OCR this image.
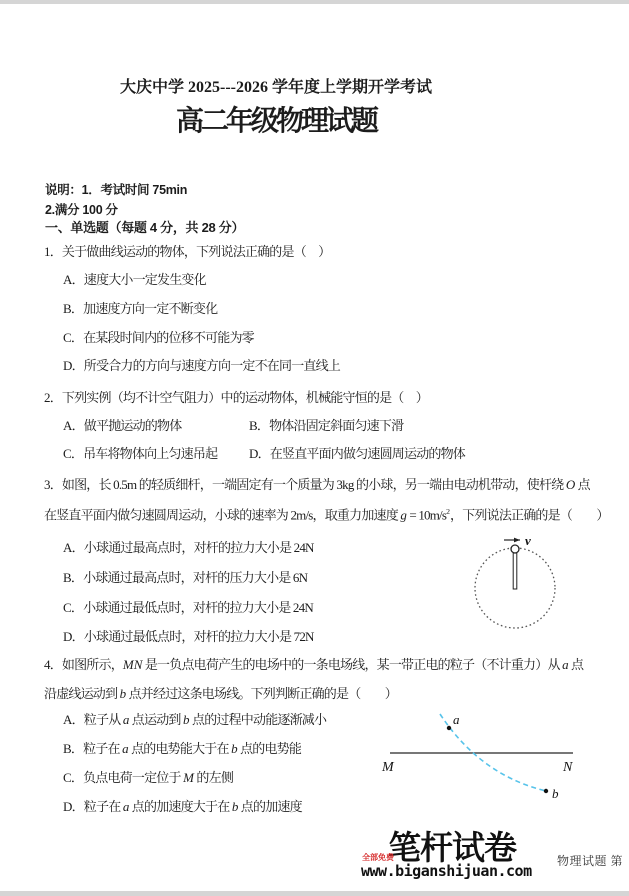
大庆中学 2025---2026 学年度上学期开学考试
高二年级物理试题
说明：1．考试时间 75min
2.满分 100 分
一、单选题（每题 4 分，共 28 分）
1．关于做曲线运动的物体，下列说法正确的是（　）
A．速度大小一定发生变化
B．加速度方向一定不断变化
C．在某段时间内的位移不可能为零
D．所受合力的方向与速度方向一定不在同一直线上
2．下列实例（均不计空气阻力）中的运动物体，机械能守恒的是（　）
A．做平抛运动的物体	B．物体沿固定斜面匀速下滑
C．吊车将物体向上匀速吊起 D．在竖直平面内做匀速圆周运动的物体
3．如图，长 0.5m 的轻质细杆，一端固定有一个质量为 3kg 的小球，另一端由电动机带动，使杆绕 O 点
在竖直平面内做匀速圆周运动，小球的速率为 2m/s，取重力加速度 $g = 10m/s^2$，下列说法正确的是（　　）
A．小球通过最高点时，对杆的拉力大小是 24N
B．小球通过最高点时，对杆的压力大小是 6N
C．小球通过最低点时，对杆的拉力大小是 24N
D．小球通过最低点时，对杆的拉力大小是 72N
v
4．如图所示，MN 是一负点电荷产生的电场中的一条电场线，某一带正电的粒子（不计重力）从 a 点
沿虚线运动到 b 点并经过这条电场线。下列判断正确的是（　　）
A．粒子从 a 点运动到 b 点的过程中动能逐渐减小
B．粒子在 a 点的电势能大于在 b 点的电势能
C．负点电荷一定位于 M 的左侧
D．粒子在 a 点的加速度大于在 b 点的加速度
a
b
M	N
笔杆试卷
全部免费
www.biganshijuan.com
物理试题 第
